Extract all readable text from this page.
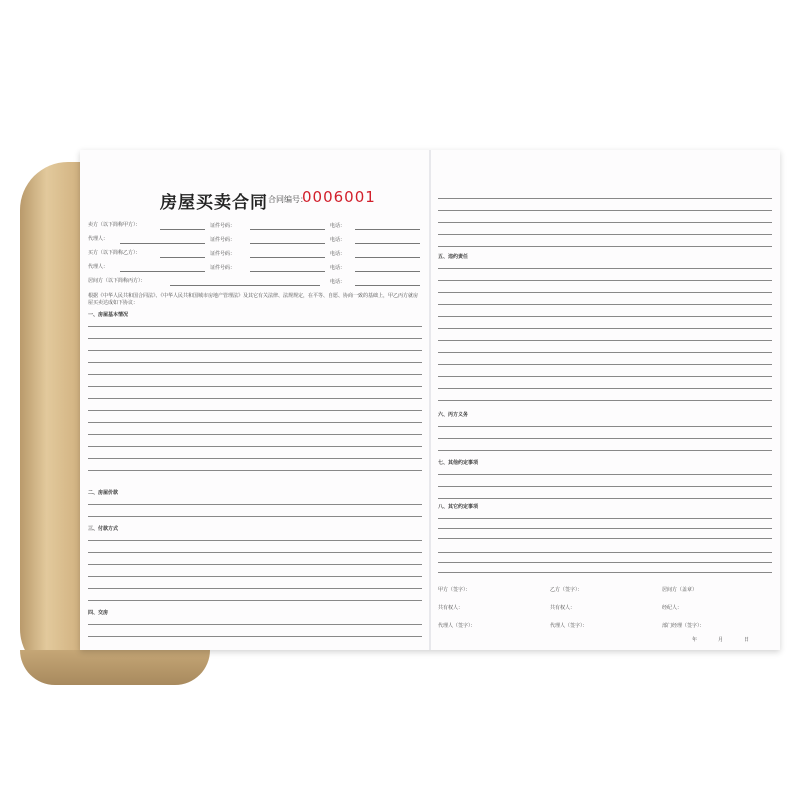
房屋买卖合同 合同编号：
0006001
卖方（以下简称甲方）：	证件号码：	电话：
代理人：	证件号码：	电话：
买方（以下简称乙方）：	证件号码：	电话：
代理人：	证件号码：	电话：
居间方（以下简称丙方）：	电话：
根据《中华人民共和国合同法》、《中华人民共和国城市房地产管理法》及其它有关法律、法规规定，在平等、自愿、协商一致的基础上，甲乙丙方就房屋买卖达成如下协议：
一、房屋基本情况
二、房屋价款
三、付款方式
四、交房
五、违约责任
六、丙方义务
七、其他约定事项
八、其它约定事项
甲方（签字）：	乙方（签字）：	居间方（盖章）
共有权人：	共有权人：	经纪人：
代理人（签字）：	代理人（签字）：	部门经理（签字）：
年	月	日
